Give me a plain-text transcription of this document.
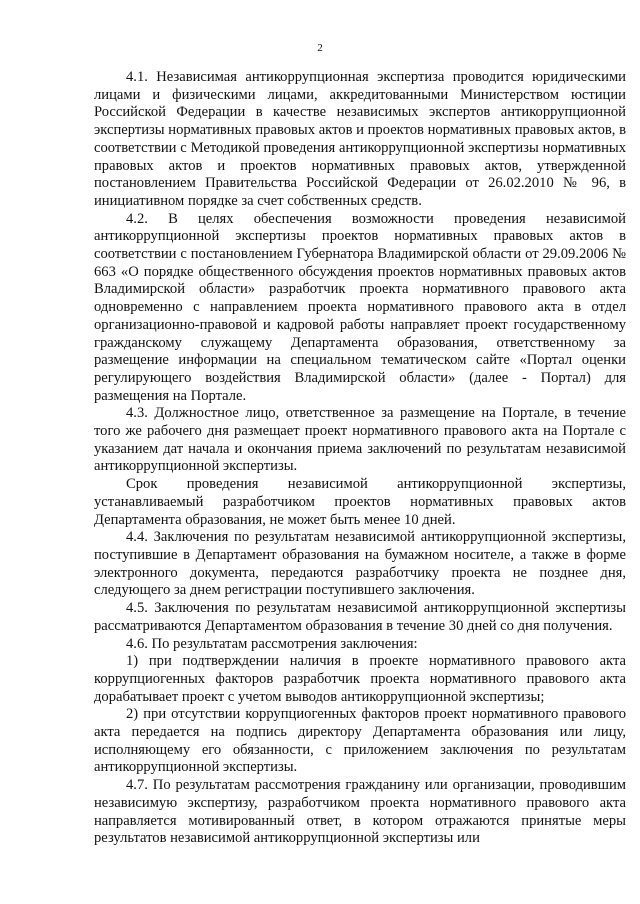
2

4.1. Независимая антикоррупционная экспертиза проводится юридическими лицами и физическими лицами, аккредитованными Министерством юстиции Российской Федерации в качестве независимых экспертов антикоррупционной экспертизы нормативных правовых актов и проектов нормативных правовых актов, в соответствии с Методикой проведения антикоррупционной экспертизы нормативных правовых актов и проектов нормативных правовых актов, утвержденной постановлением Правительства Российской Федерации от 26.02.2010 № 96, в инициативном порядке за счет собственных средств.

4.2. В целях обеспечения возможности проведения независимой антикоррупционной экспертизы проектов нормативных правовых актов в соответствии с постановлением Губернатора Владимирской области от 29.09.2006 № 663 «О порядке общественного обсуждения проектов нормативных правовых актов Владимирской области» разработчик проекта нормативного правового акта одновременно с направлением проекта нормативного правового акта в отдел организационно-правовой и кадровой работы направляет проект государственному гражданскому служащему Департамента образования, ответственному за размещение информации на специальном тематическом сайте «Портал оценки регулирующего воздействия Владимирской области» (далее - Портал) для размещения на Портале.

4.3. Должностное лицо, ответственное за размещение на Портале, в течение того же рабочего дня размещает проект нормативного правового акта на Портале с указанием дат начала и окончания приема заключений по результатам независимой антикоррупционной экспертизы.

Срок проведения независимой антикоррупционной экспертизы, устанавливаемый разработчиком проектов нормативных правовых актов Департамента образования, не может быть менее 10 дней.

4.4. Заключения по результатам независимой антикоррупционной экспертизы, поступившие в Департамент образования на бумажном носителе, а также в форме электронного документа, передаются разработчику проекта не позднее дня, следующего за днем регистрации поступившего заключения.

4.5. Заключения по результатам независимой антикоррупционной экспертизы рассматриваются Департаментом образования в течение 30 дней со дня получения.

4.6. По результатам рассмотрения заключения:

1) при подтверждении наличия в проекте нормативного правового акта коррупциогенных факторов разработчик проекта нормативного правового акта дорабатывает проект с учетом выводов антикоррупционной экспертизы;

2) при отсутствии коррупциогенных факторов проект нормативного правового акта передается на подпись директору Департамента образования или лицу, исполняющему его обязанности, с приложением заключения по результатам антикоррупционной экспертизы.

4.7. По результатам рассмотрения гражданину или организации, проводившим независимую экспертизу, разработчиком проекта нормативного правового акта направляется мотивированный ответ, в котором отражаются принятые меры результатов независимой антикоррупционной экспертизы или
